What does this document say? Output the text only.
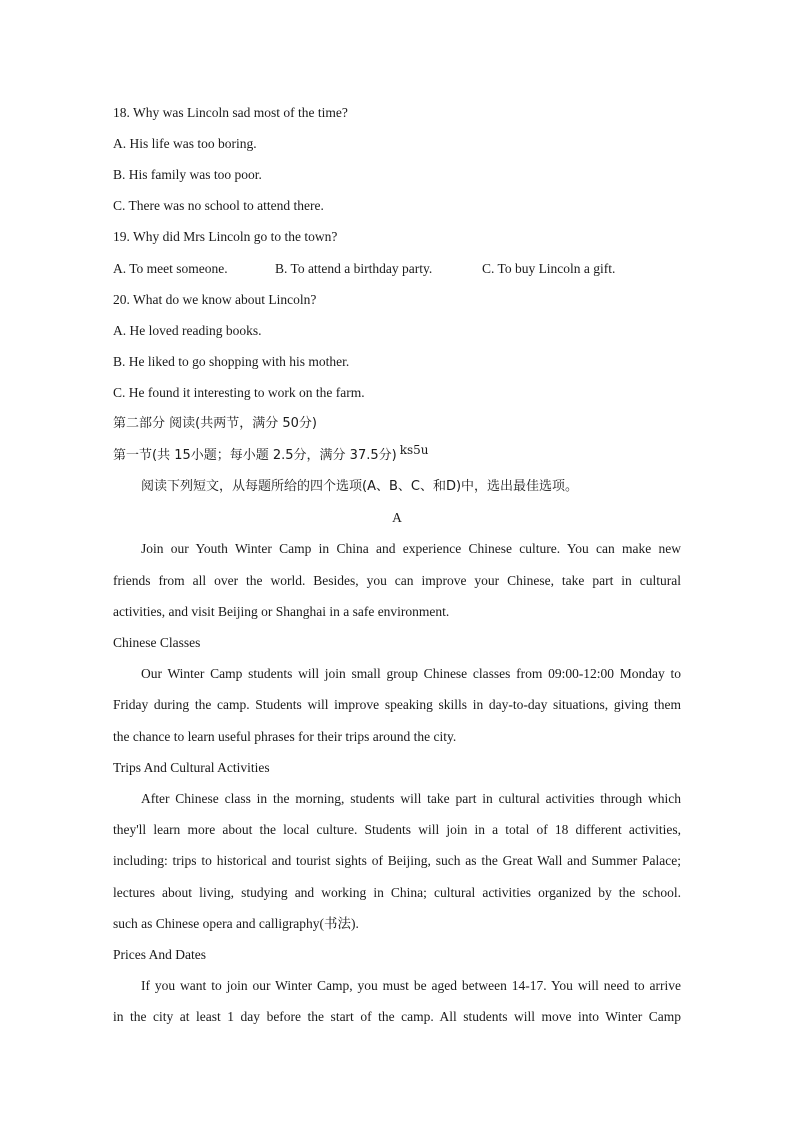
18. Why was Lincoln sad most of the time?
A. His life was too boring.
B. His family was too poor.
C. There was no school to attend there.
19. Why did Mrs Lincoln go to the town?
A. To meet someone.	B. To attend a birthday party.	C. To buy Lincoln a gift.
20. What do we know about Lincoln?
A. He loved reading books.
B. He liked to go shopping with his mother.
C. He found it interesting to work on the farm.
第二部分 阅读(共两节，满分 50分)
第一节(共 15小题；每小题 2.5分，满分 37.5分) ks5u
阅读下列短文，从每题所给的四个选项(A、B、C、和D)中，选出最佳选项。
A
Join our Youth Winter Camp in China and experience Chinese culture. You can make new
friends from all over the world. Besides, you can improve your Chinese, take part in cultural
activities, and visit Beijing or Shanghai in a safe environment.
Chinese Classes
Our Winter Camp students will join small group Chinese classes from 09:00-12:00 Monday to
Friday during the camp. Students will improve speaking skills in day-to-day situations, giving them
the chance to learn useful phrases for their trips around the city.
Trips And Cultural Activities
After Chinese class in the morning, students will take part in cultural activities through which
they'll learn more about the local culture. Students will join in a total of 18 different activities,
including: trips to historical and tourist sights of Beijing, such as the Great Wall and Summer Palace;
lectures about living, studying and working in China; cultural activities organized by the school.
such as Chinese opera and calligraphy(书法).
Prices And Dates
If you want to join our Winter Camp, you must be aged between 14-17. You will need to arrive
in the city at least 1 day before the start of the camp. All students will move into Winter Camp
